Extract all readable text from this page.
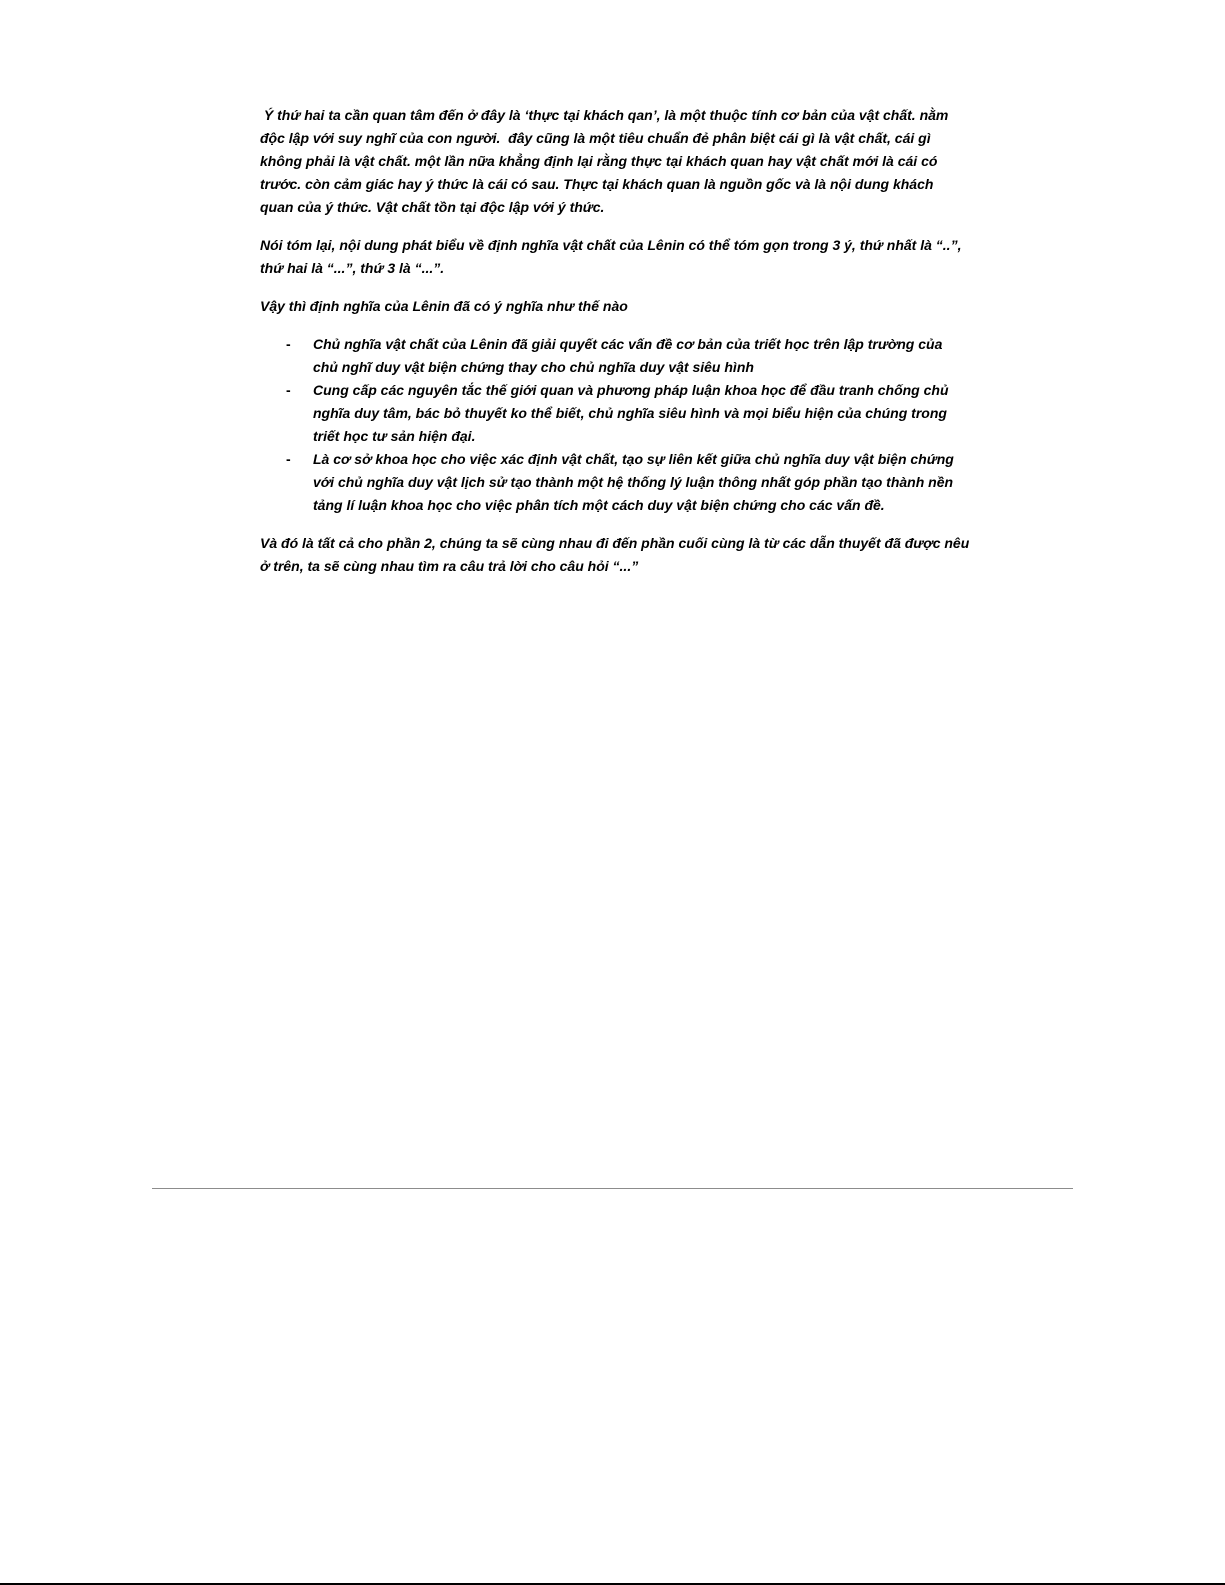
Ý thứ hai ta cần quan tâm đến ở đây là ‘thực tại khách qan’, là một thuộc tính cơ bản của vật chất. nằm độc lập với suy nghĩ của con người.  đây cũng là một tiêu chuẩn đẻ phân biệt cái gì là vật chất, cái gì không phải là vật chất. một lần nữa khẳng định lại rằng thực tại khách quan hay vật chất mới là cái có trước. còn cảm giác hay ý thức là cái có sau. Thực tại khách quan là nguồn gốc và là nội dung khách quan của ý thức. Vật chất tồn tại độc lập với ý thức.

Nói tóm lại, nội dung phát biểu về định nghĩa vật chất của Lênin có thể tóm gọn trong 3 ý, thứ nhất là “..”, thứ hai là “...”, thứ 3 là “...”.

Vậy thì định nghĩa của Lênin đã có ý nghĩa như thế nào

- Chủ nghĩa vật chất của Lênin đã giải quyết các vấn đề cơ bản của triết học trên lập trường của chủ nghĩ duy vật biện chứng thay cho chủ nghĩa duy vật siêu hình
- Cung cấp các nguyên tắc thế giới quan và phương pháp luận khoa học để đầu tranh chống chủ nghĩa duy tâm, bác bỏ thuyết ko thể biết, chủ nghĩa siêu hình và mọi biểu hiện của chúng trong triết học tư sản hiện đại.
- Là cơ sở khoa học cho việc xác định vật chất, tạo sự liên kết giữa chủ nghĩa duy vật biện chứng với chủ nghĩa duy vật lịch sử tạo thành một hệ thống lý luận thông nhất góp phần tạo thành nền tảng lí luận khoa học cho việc phân tích một cách duy vật biện chứng cho các vấn đề.

Và đó là tất cả cho phần 2, chúng ta sẽ cùng nhau đi đến phần cuối cùng là từ các dẫn thuyết đã được nêu ở trên, ta sẽ cùng nhau tìm ra câu trả lời cho câu hỏi “...”
